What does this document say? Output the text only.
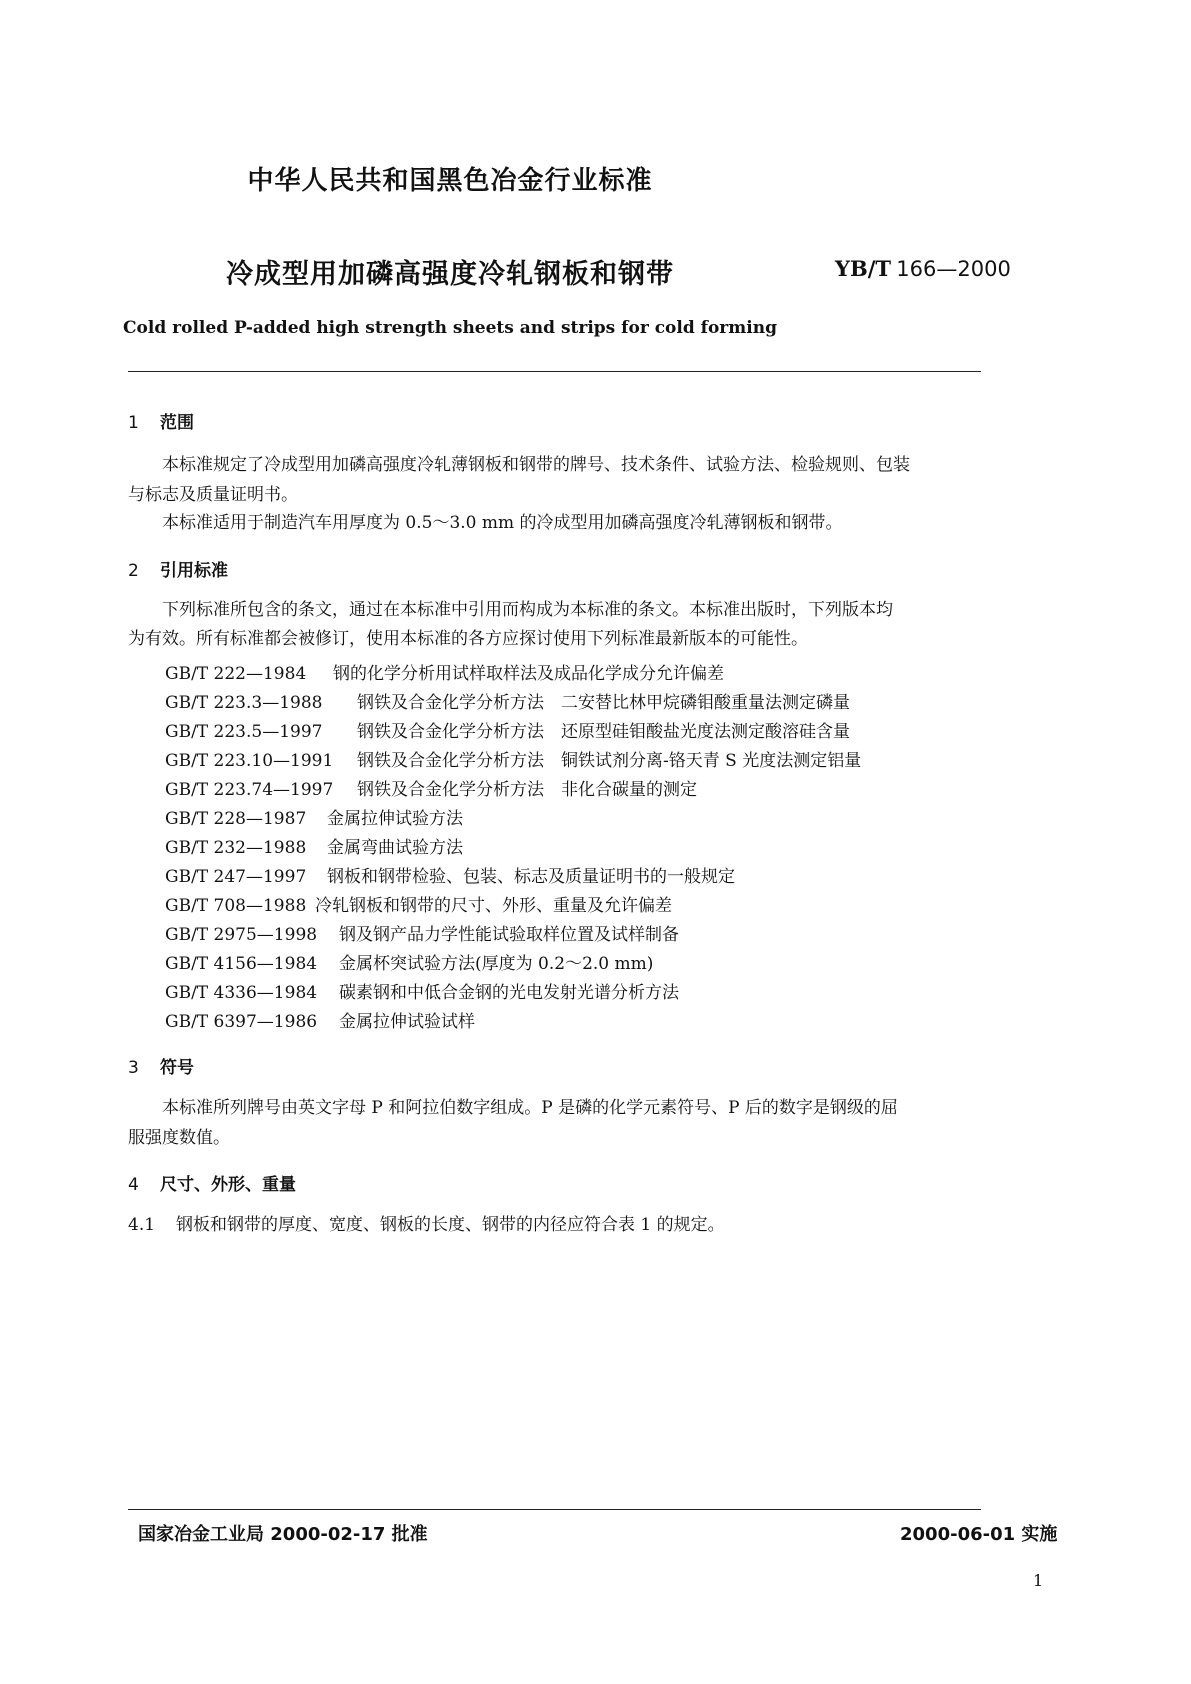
中华人民共和国黑色冶金行业标准
冷成型用加磷高强度冷轧钢板和钢带	YB/T 166—2000
Cold rolled P-added high strength sheets and strips for cold forming
1 范围
本标准规定了冷成型用加磷高强度冷轧薄钢板和钢带的牌号、技术条件、试验方法、检验规则、包装
与标志及质量证明书。
本标准适用于制造汽车用厚度为 0.5～3.0 mm 的冷成型用加磷高强度冷轧薄钢板和钢带。
2 引用标准
下列标准所包含的条文，通过在本标准中引用而构成为本标准的条文。本标准出版时，下列版本均
为有效。所有标准都会被修订，使用本标准的各方应探讨使用下列标准最新版本的可能性。
GB/T 222—1984 钢的化学分析用试样取样法及成品化学成分允许偏差
GB/T 223.3—1988 钢铁及合金化学分析方法　二安替比林甲烷磷钼酸重量法测定磷量
GB/T 223.5—1997 钢铁及合金化学分析方法　还原型硅钼酸盐光度法测定酸溶硅含量
GB/T 223.10—1991 钢铁及合金化学分析方法　铜铁试剂分离-铬天青 S 光度法测定铝量
GB/T 223.74—1997 钢铁及合金化学分析方法　非化合碳量的测定
GB/T 228—1987 金属拉伸试验方法
GB/T 232—1988 金属弯曲试验方法
GB/T 247—1997 钢板和钢带检验、包装、标志及质量证明书的一般规定
GB/T 708—1988 冷轧钢板和钢带的尺寸、外形、重量及允许偏差
GB/T 2975—1998 钢及钢产品力学性能试验取样位置及试样制备
GB/T 4156—1984 金属杯突试验方法(厚度为 0.2～2.0 mm)
GB/T 4336—1984 碳素钢和中低合金钢的光电发射光谱分析方法
GB/T 6397—1986 金属拉伸试验试样
3 符号
本标准所列牌号由英文字母 P 和阿拉伯数字组成。P 是磷的化学元素符号、P 后的数字是钢级的屈
服强度数值。
4 尺寸、外形、重量
4.1 钢板和钢带的厚度、宽度、钢板的长度、钢带的内径应符合表 1 的规定。
国家冶金工业局 2000-02-17 批准	2000-06-01 实施
1
